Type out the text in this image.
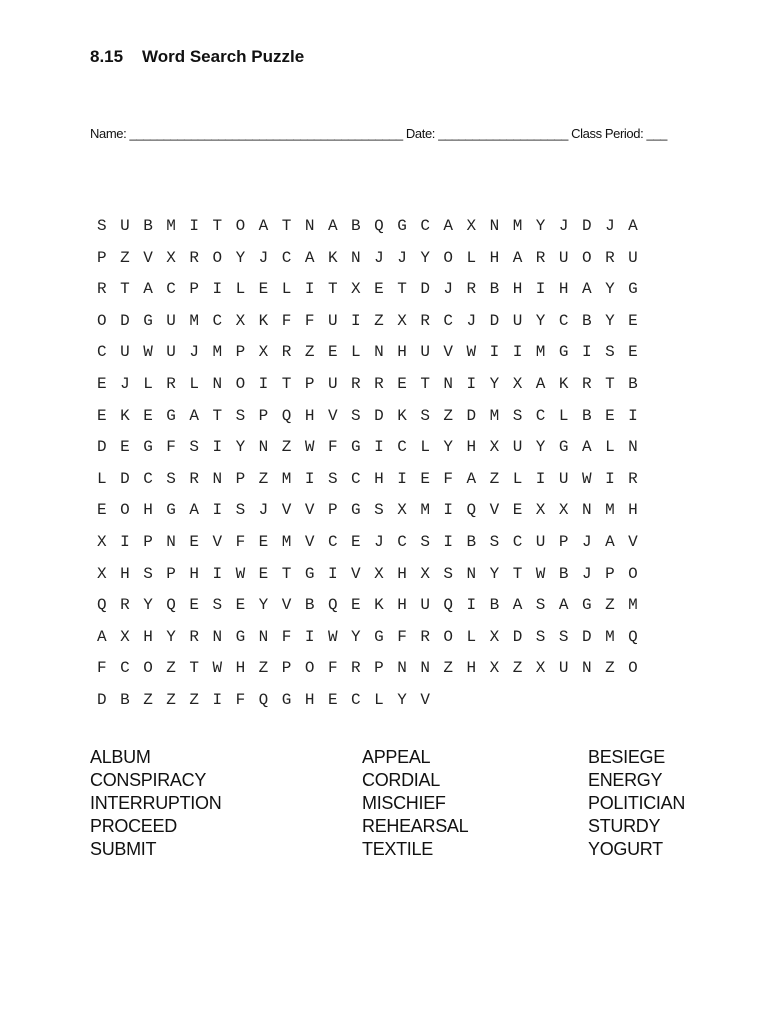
8.15    Word Search Puzzle
Name: ________________________________________ Date: ___________________ Class Period: ___
S U B M I T O A T N A B Q G C A X N M Y J D J A
P Z V X R O Y J C A K N J J Y O L H A R U O R U
R T A C P I L E L I T X E T D J R B H I H A Y G
O D G U M C X K F F U I Z X R C J D U Y C B Y E
C U W U J M P X R Z E L N H U V W I I M G I S E
E J L R L N O I T P U R R E T N I Y X A K R T B
E K E G A T S P Q H V S D K S Z D M S C L B E I
D E G F S I Y N Z W F G I C L Y H X U Y G A L N
L D C S R N P Z M I S C H I E F A Z L I U W I R
E O H G A I S J V V P G S X M I Q V E X X N M H
X I P N E V F E M V C E J C S I B S C U P J A V
X H S P H I W E T G I V X H X S N Y T W B J P O
Q R Y Q E S E Y V B Q E K H U Q I B A S A G Z M
A X H Y R N G N F I W Y G F R O L X D S S D M Q
F C O Z T W H Z P O F R P N N Z H X Z X U N Z O
D B Z Z Z I F Q G H E C L Y V
ALBUM
CONSPIRACY
INTERRUPTION
PROCEED
SUBMIT
APPEAL
CORDIAL
MISCHIEF
REHEARSAL
TEXTILE
BESIEGE
ENERGY
POLITICIAN
STURDY
YOGURT
